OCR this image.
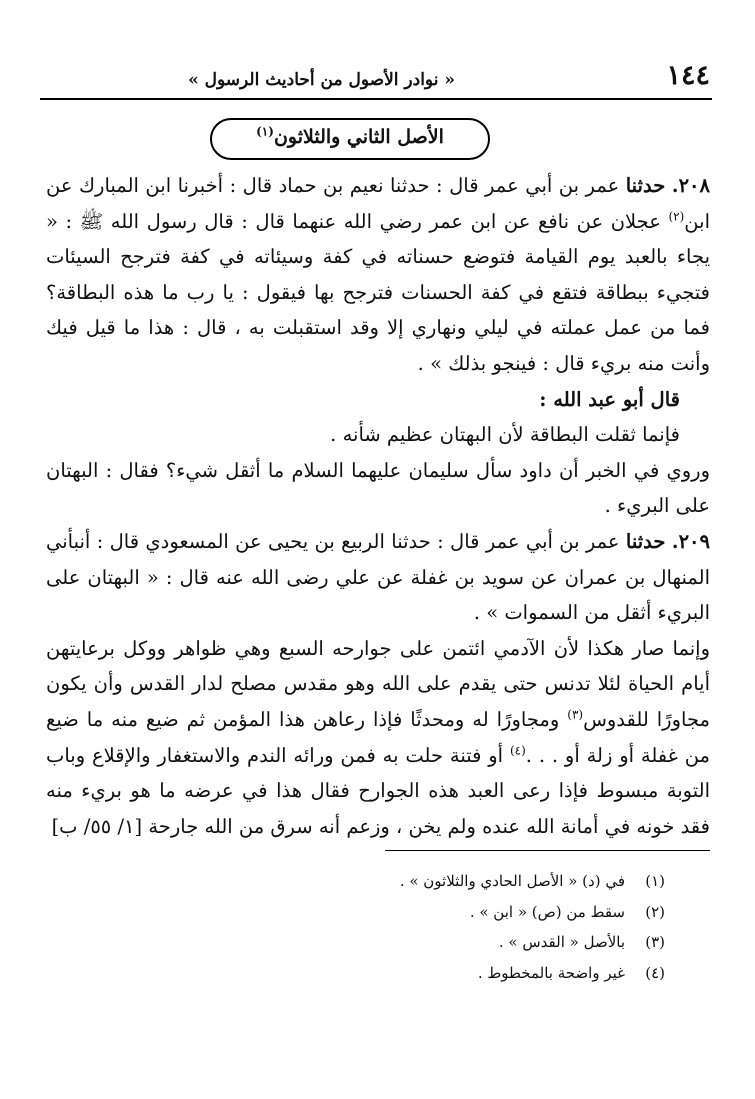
١٤٤
« نوادر الأصول من أحاديث الرسول »
الأصل الثاني والثلاثون$^{(١)}$

٢٠٨. حدثنا عمر بن أبي عمر قال : حدثنا نعيم بن حماد قال : أخبرنا ابن المبارك عن ابن$^{(٢)}$ عجلان عن نافع عن ابن عمر رضي الله عنهما قال : قال رسول الله ﷺ : « يجاء بالعبد يوم القيامة فتوضع حسناته في كفة وسيئاته في كفة فترجح السيئات فتجيء ببطاقة فتقع في كفة الحسنات فترجح بها فيقول : يا رب ما هذه البطاقة؟ فما من عمل عملته في ليلي ونهاري إلا وقد استقبلت به ، قال : هذا ما قيل فيك وأنت منه بريء قال : فينجو بذلك » .

قال أبو عبد الله :

فإنما ثقلت البطاقة لأن البهتان عظيم شأنه .

وروي في الخبر أن داود سأل سليمان عليهما السلام ما أثقل شيء؟ فقال : البهتان على البريء .

٢٠٩. حدثنا عمر بن أبي عمر قال : حدثنا الربيع بن يحيى عن المسعودي قال : أنبأني المنهال بن عمران عن سويد بن غفلة عن علي رضى الله عنه قال : « البهتان على البريء أثقل من السموات » .

وإنما صار هكذا لأن الآدمي ائتمن على جوارحه السبع وهي ظواهر ووكل برعايتهن أيام الحياة لئلا تدنس حتى يقدم على الله وهو مقدس مصلح لدار القدس وأن يكون مجاورًا للقدوس$^{(٣)}$ ومجاورًا له ومحدثًا فإذا رعاهن هذا المؤمن ثم ضيع منه ما ضيع من غفلة أو زلة أو . . .$^{(٤)}$ أو فتنة حلت به فمن ورائه الندم والاستغفار والإقلاع وباب التوبة مبسوط فإذا رعى العبد هذه الجوارح فقال هذا في عرضه ما هو بريء منه فقد خونه في أمانة الله عنده ولم يخن ، وزعم أنه سرق من الله جارحة [١/ ٥٥/ ب]

(١)في (د) « الأصل الحادي والثلاثون » .
(٢)سقط من (ص) « ابن » .
(٣)بالأصل « القدس » .
(٤)غير واضحة بالمخطوط .
